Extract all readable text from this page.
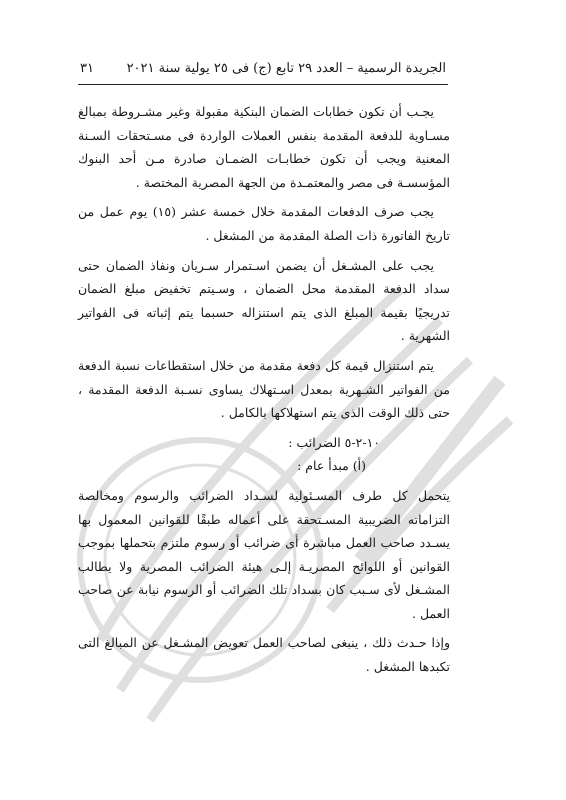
الجريدة الرسمية – العدد ٢٩ تابع (ج) فى ٢٥ يولية سنة ٢٠٢١
٣١

يجـب أن تكون خطابات الضمان البنكية مقبولة وغير مشـروطة بمبالغ مسـاوية للدفعة المقدمة بنفس العملات الواردة فى مسـتحقات السـنة المعنية ويجب أن تكون خطابـات الضمـان صادرة مـن أحد البنوك المؤسسـة فى مصر والمعتمـدة من الجهة المصرية المختصة .

يجب صرف الدفعات المقدمة خلال خمسة عشر (١٥) يوم عمل من تاريخ الفاتورة ذات الصلة المقدمة من المشغل .

يجب على المشـغل أن يضمن اسـتمرار سـريان ونفاذ الضمان حتى سداد الدفعة المقدمة محل الضمان ، وسـيتم تخفيض مبلغ الضمان تدريجيًا بقيمة المبلغ الذى يتم استنزاله حسبما يتم إثباته فى الفواتير الشهرية .

يتم استنزال قيمة كل دفعة مقدمة من خلال استقطاعات نسبة الدفعة من الفواتير الشـهرية بمعدل اسـتهلاك يساوى نسـبة الدفعة المقدمة ، حتى ذلك الوقت الذى يتم استهلاكها بالكامل .

١٠-٢-٥ الضرائب :

(أ) مبدأ عام :

يتحمل كل طرف المسـئولية لسـداد الضرائب والرسوم ومخالصة التزاماته الضريبية المسـتحقة على أعماله طبقًا للقوانين المعمول بها يسـدد صاحب العمل مباشرة أى ضرائب أو رسوم ملتزم بتحملها بموجب القوانين أو اللوائح المصريـة إلـى هيئة الضرائب المصرية ولا يطالب المشـغل لأى سـبب كان بسداد تلك الضرائب أو الرسوم نيابة عن صاحب العمل .

وإذا حـدث ذلك ، ينبغى لصاحب العمل تعويض المشـغل عن المبالغ التى تكبدها المشغل .
